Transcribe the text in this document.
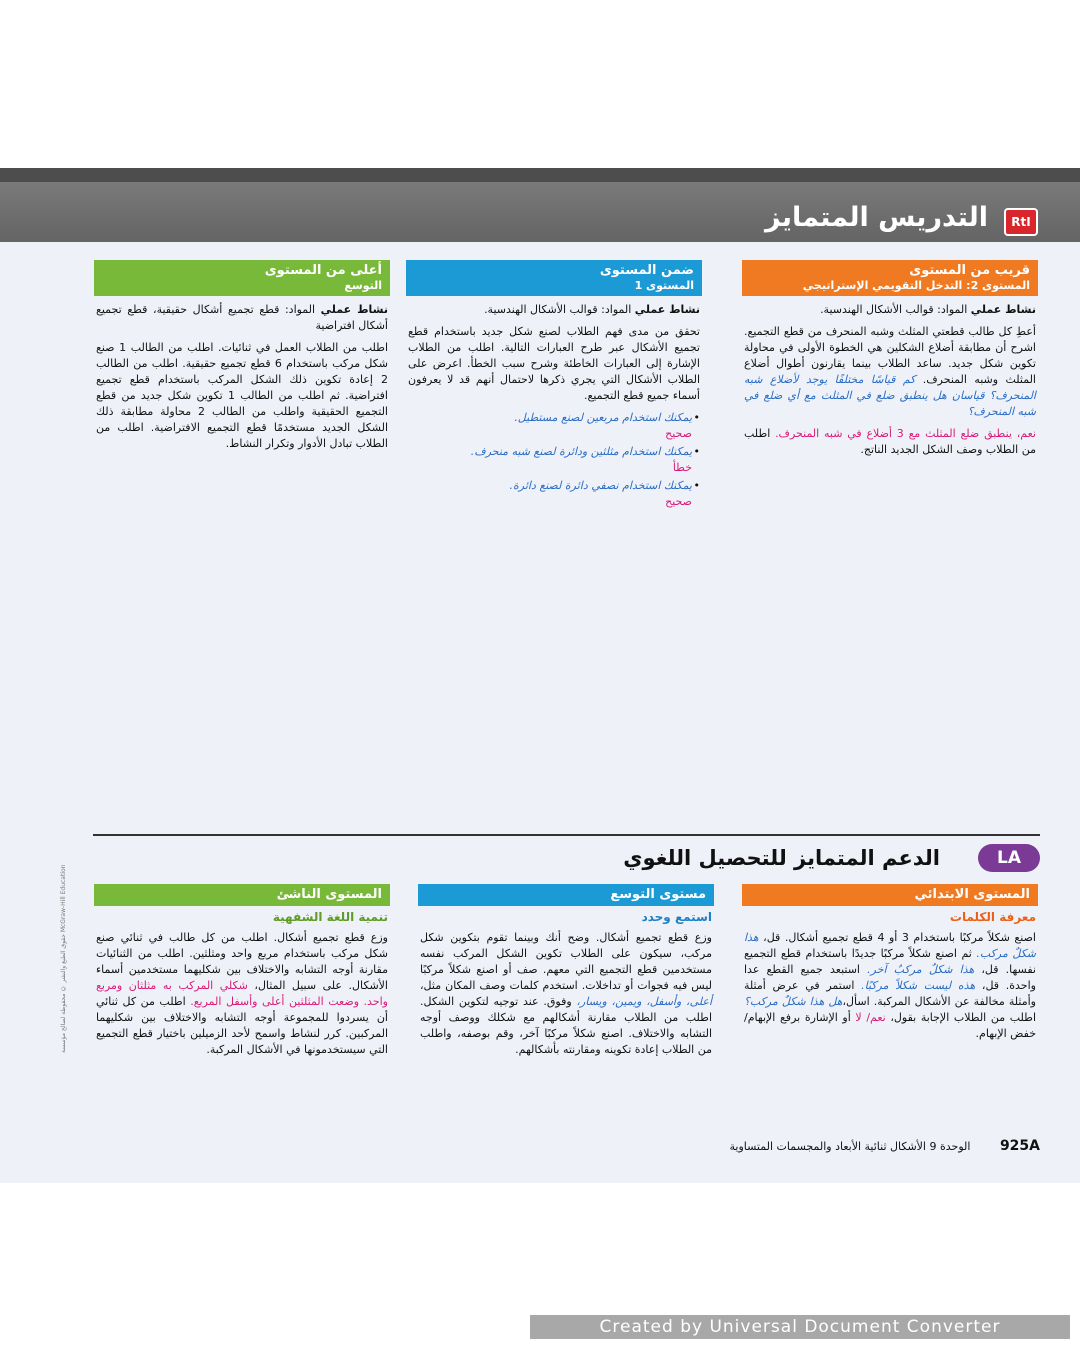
RtI
التدريس المتمايز
قريب من المستوى
المستوى 2: التدخل التقويمي الإستراتيجي

نشاط عملي المواد: قوالب الأشكال الهندسية.

أعطِ كل طالب قطعتي المثلث وشبه المنحرف من قطع التجميع. اشرح أن مطابقة أضلاع الشكلين هي الخطوة الأولى في محاولة تكوين شكل جديد. ساعد الطلاب بينما يقارنون أطوال أضلاع المثلث وشبه المنحرف. كم قياسًا مختلفًا يوجد لأضلاع شبه المنحرف؟ قياسان هل ينطبق ضلع في المثلث مع أي ضلع في شبه المنحرف؟

نعم، ينطبق ضلع المثلث مع 3 أضلاع في شبه المنحرف. اطلب من الطلاب وصف الشكل الجديد الناتج.

ضمن المستوى
المستوى 1

نشاط عملي المواد: قوالب الأشكال الهندسية.

تحقق من مدى فهم الطلاب لصنع شكل جديد باستخدام قطع تجميع الأشكال عبر طرح العبارات التالية. اطلب من الطلاب الإشارة إلى العبارات الخاطئة وشرح سبب الخطأ. اعرض على الطلاب الأشكال التي يجري ذكرها لاحتمال أنهم قد لا يعرفون أسماء جميع قطع التجميع.

• يمكنك استخدام مربعين لصنع مستطيل.
صحيح
• يمكنك استخدام مثلثين ودائرة لصنع شبه منحرف.
خطأ
• يمكنك استخدام نصفي دائرة لصنع دائرة.
صحيح
أعلى من المستوى
التوسع

نشاط عملي المواد: قطع تجميع أشكال حقيقية، قطع تجميع أشكال افتراضية

اطلب من الطلاب العمل في ثنائيات. اطلب من الطالب 1 صنع شكل مركب باستخدام 6 قطع تجميع حقيقية. اطلب من الطالب 2 إعادة تكوين ذلك الشكل المركب باستخدام قطع تجميع افتراضية. ثم اطلب من الطالب 1 تكوين شكل جديد من قطع التجميع الحقيقية واطلب من الطالب 2 محاولة مطابقة ذلك الشكل الجديد مستخدمًا قطع التجميع الافتراضية. اطلب من الطلاب تبادل الأدوار وتكرار النشاط.

LA
الدعم المتمايز للتحصيل اللغوي
المستوى الابتدائي
معرفة الكلمات

اصنع شكلاً مركبًا باستخدام 3 أو 4 قطع تجميع أشكال. قل، هذا شكلٌ مركب. ثم اصنع شكلاً مركبًا جديدًا باستخدام قطع التجميع نفسها. قل، هذا شكلٌ مركبٌ آخر. استبعد جميع القطع عدا واحدة. قل، هذه ليست شكلاً مركبًا. استمر في عرض أمثلة وأمثلة مخالفة عن الأشكال المركبة. اسأل،هل هذا شكلٌ مركب؟ اطلب من الطلاب الإجابة بقول، نعم/ لا أو الإشارة برفع الإبهام/ خفض الإبهام.

مستوى التوسع
استمع وحدد

وزع قطع تجميع أشكال. وضح أنك وبينما تقوم بتكوين شكل مركب، سيكون على الطلاب تكوين الشكل المركب نفسه مستخدمين قطع التجميع التي معهم. صف أو اصنع شكلاً مركبًا ليس فيه فجوات أو تداخلات. استخدم كلمات وصف المكان مثل، أعلى، وأسفل، ويمين، ويسار، وفوق. عند توجيه لتكوين الشكل. اطلب من الطلاب مقارنة أشكالهم مع شكلك ووصف أوجه التشابه والاختلاف. اصنع شكلاً مركبًا آخر، وقم بوصفه، واطلب من الطلاب إعادة تكوينه ومقارنته بأشكالهم.

المستوى الناشئ
تنمية اللغة الشفهية

وزع قطع تجميع أشكال. اطلب من كل طالب في ثنائي صنع شكل مركب باستخدام مربع واحد ومثلثين. اطلب من الثنائيات مقارنة أوجه التشابه والاختلاف بين شكليهما مستخدمين أسماء الأشكال. على سبيل المثال، شكلي المركب به مثلثان ومربع واحد. وضعت المثلثين أعلى وأسفل المربع. اطلب من كل ثنائي أن يسردوا للمجموعة أوجه التشابه والاختلاف بين شكليهما المركبين. كرر لنشاط واسمح لأحد الزميلين باختيار قطع التجميع التي سيستخدمونها في الأشكال المركبة.

حقوق الطبع والنشر © محفوظة لصالح مؤسسة McGraw-Hill Education
925A الوحدة 9 الأشكال ثنائية الأبعاد والمجسمات المتساوية
Created by Universal Document Converter
